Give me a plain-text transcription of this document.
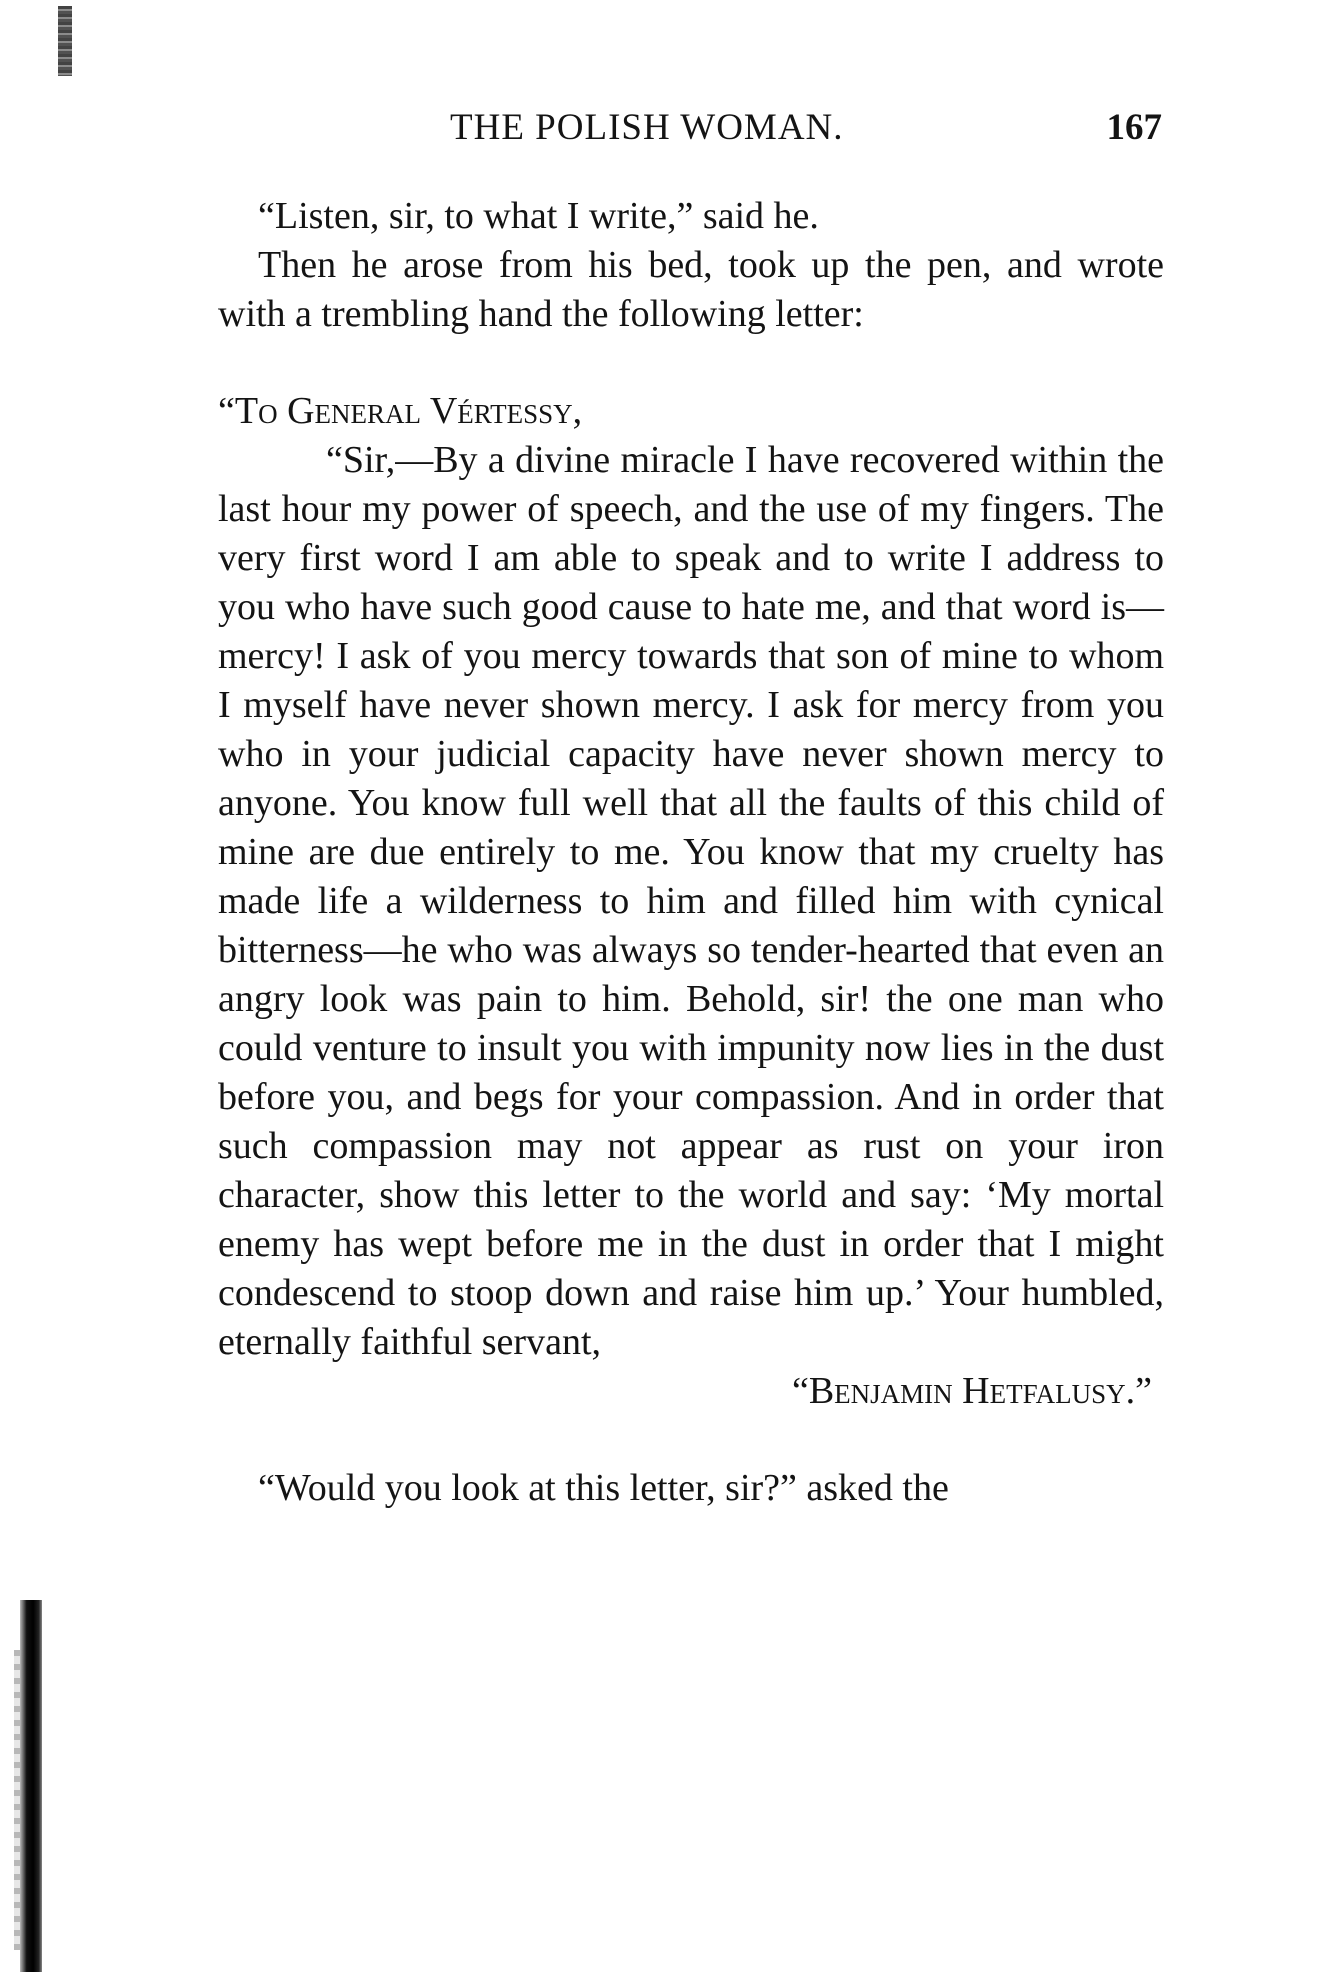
THE POLISH WOMAN.	167

“Listen, sir, to what I write,” said he.

Then he arose from his bed, took up the pen, and wrote with a trembling hand the following letter:

“To General Vértessy,

“Sir,—By a divine miracle I have recovered within the last hour my power of speech, and the use of my fingers. The very first word I am able to speak and to write I address to you who have such good cause to hate me, and that word is—mercy! I ask of you mercy towards that son of mine to whom I myself have never shown mercy. I ask for mercy from you who in your judicial capacity have never shown mercy to anyone. You know full well that all the faults of this child of mine are due entirely to me. You know that my cruelty has made life a wilderness to him and filled him with cynical bitterness—he who was always so tender-hearted that even an angry look was pain to him. Behold, sir! the one man who could venture to insult you with impunity now lies in the dust before you, and begs for your compassion. And in order that such compassion may not appear as rust on your iron character, show this letter to the world and say: ‘My mortal enemy has wept before me in the dust in order that I might condescend to stoop down and raise him up.’ Your humbled, eternally faithful servant,

“Benjamin Hetfalusy.”

“Would you look at this letter, sir?” asked the
